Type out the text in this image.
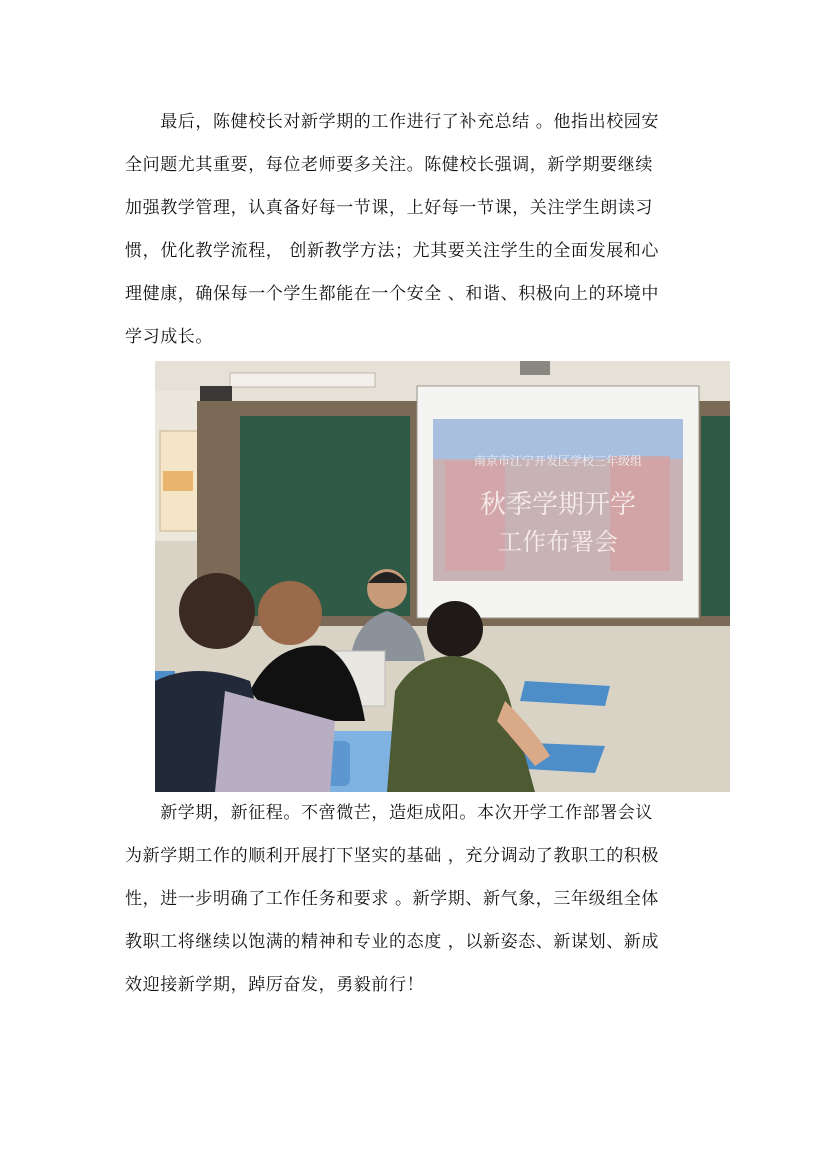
　　最后，陈健校长对新学期的工作进行了补充总结 。他指出校园安
全问题尤其重要，每位老师要多关注。陈健校长强调，新学期要继续
加强教学管理，认真备好每一节课，上好每一节课，关注学生朗读习
惯，优化教学流程， 创新教学方法；尤其要关注学生的全面发展和心
理健康，确保每一个学生都能在一个安全 、和谐、积极向上的环境中
学习成长。
南京市江宁开发区学校三年级组
秋季学期开学
工作布署会
　　新学期，新征程。不啻微芒，造炬成阳。本次开学工作部署会议
为新学期工作的顺利开展打下坚实的基础 ，充分调动了教职工的积极
性，进一步明确了工作任务和要求 。新学期、新气象，三年级组全体
教职工将继续以饱满的精神和专业的态度 ，以新姿态、新谋划、新成
效迎接新学期，踔厉奋发，勇毅前行！
